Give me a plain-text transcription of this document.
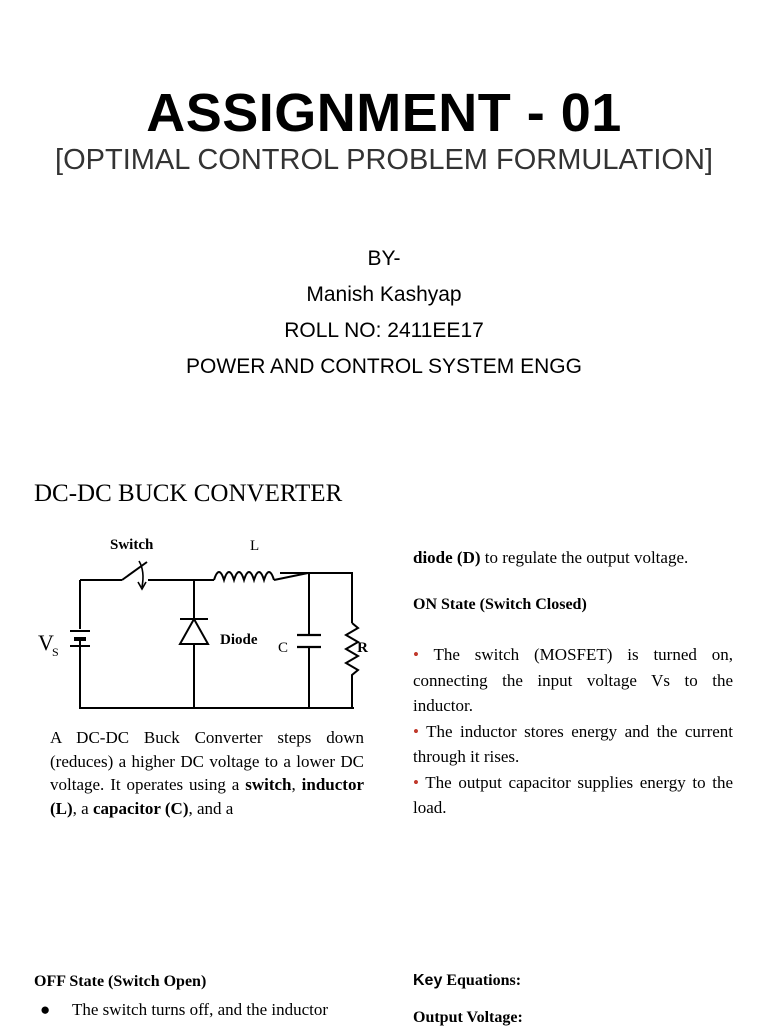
ASSIGNMENT - 01
[OPTIMAL CONTROL PROBLEM FORMULATION]
BY-
Manish Kashyap
ROLL NO: 2411EE17
POWER AND CONTROL SYSTEM ENGG
DC-DC BUCK CONVERTER
Switch	L
V
S
Diode C	R
A DC-DC Buck Converter steps down (reduces) a higher DC voltage to a lower DC voltage. It operates using a switch, inductor (L), a capacitor (C), and a
diode (D) to regulate the output voltage.
ON State (Switch Closed)
• The switch (MOSFET) is turned on, connecting the input voltage Vs to the inductor.
• The inductor stores energy and the current through it rises.
• The output capacitor supplies energy to the load.
OFF State (Switch Open)
● The switch turns off, and the inductor
Key Equations:
Output Voltage:
